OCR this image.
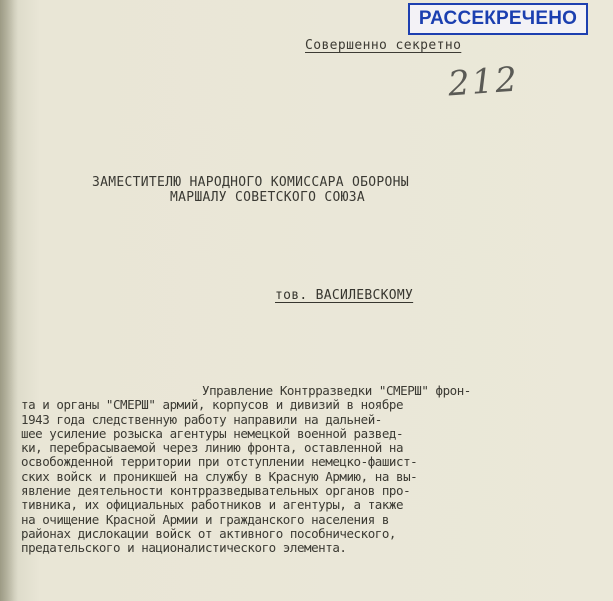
РАССЕКРЕЧЕНО
Совершенно секретно
212
ЗАМЕСТИТЕЛЮ НАРОДНОГО КОМИССАРА ОБОРОНЫ
МАРШАЛУ СОВЕТСКОГО СОЮЗА
тов. ВАСИЛЕВСКОМУ
Управление Контрразведки "СМЕРШ" фрон-
та и органы "СМЕРШ" армий, корпусов и дивизий в ноябре
1943 года следственную работу направили на дальней-
шее усиление розыска агентуры немецкой военной развед-
ки, перебрасываемой через линию фронта, оставленной на
освобожденной территории при отступлении немецко-фашист-
ских войск и проникшей на службу в Красную Армию, на вы-
явление деятельности контрразведывательных органов про-
тивника, их официальных работников и агентуры, а также
на очищение Красной Армии и гражданского населения в
районах дислокации войск от активного пособнического,
предательского и националистического элемента.
